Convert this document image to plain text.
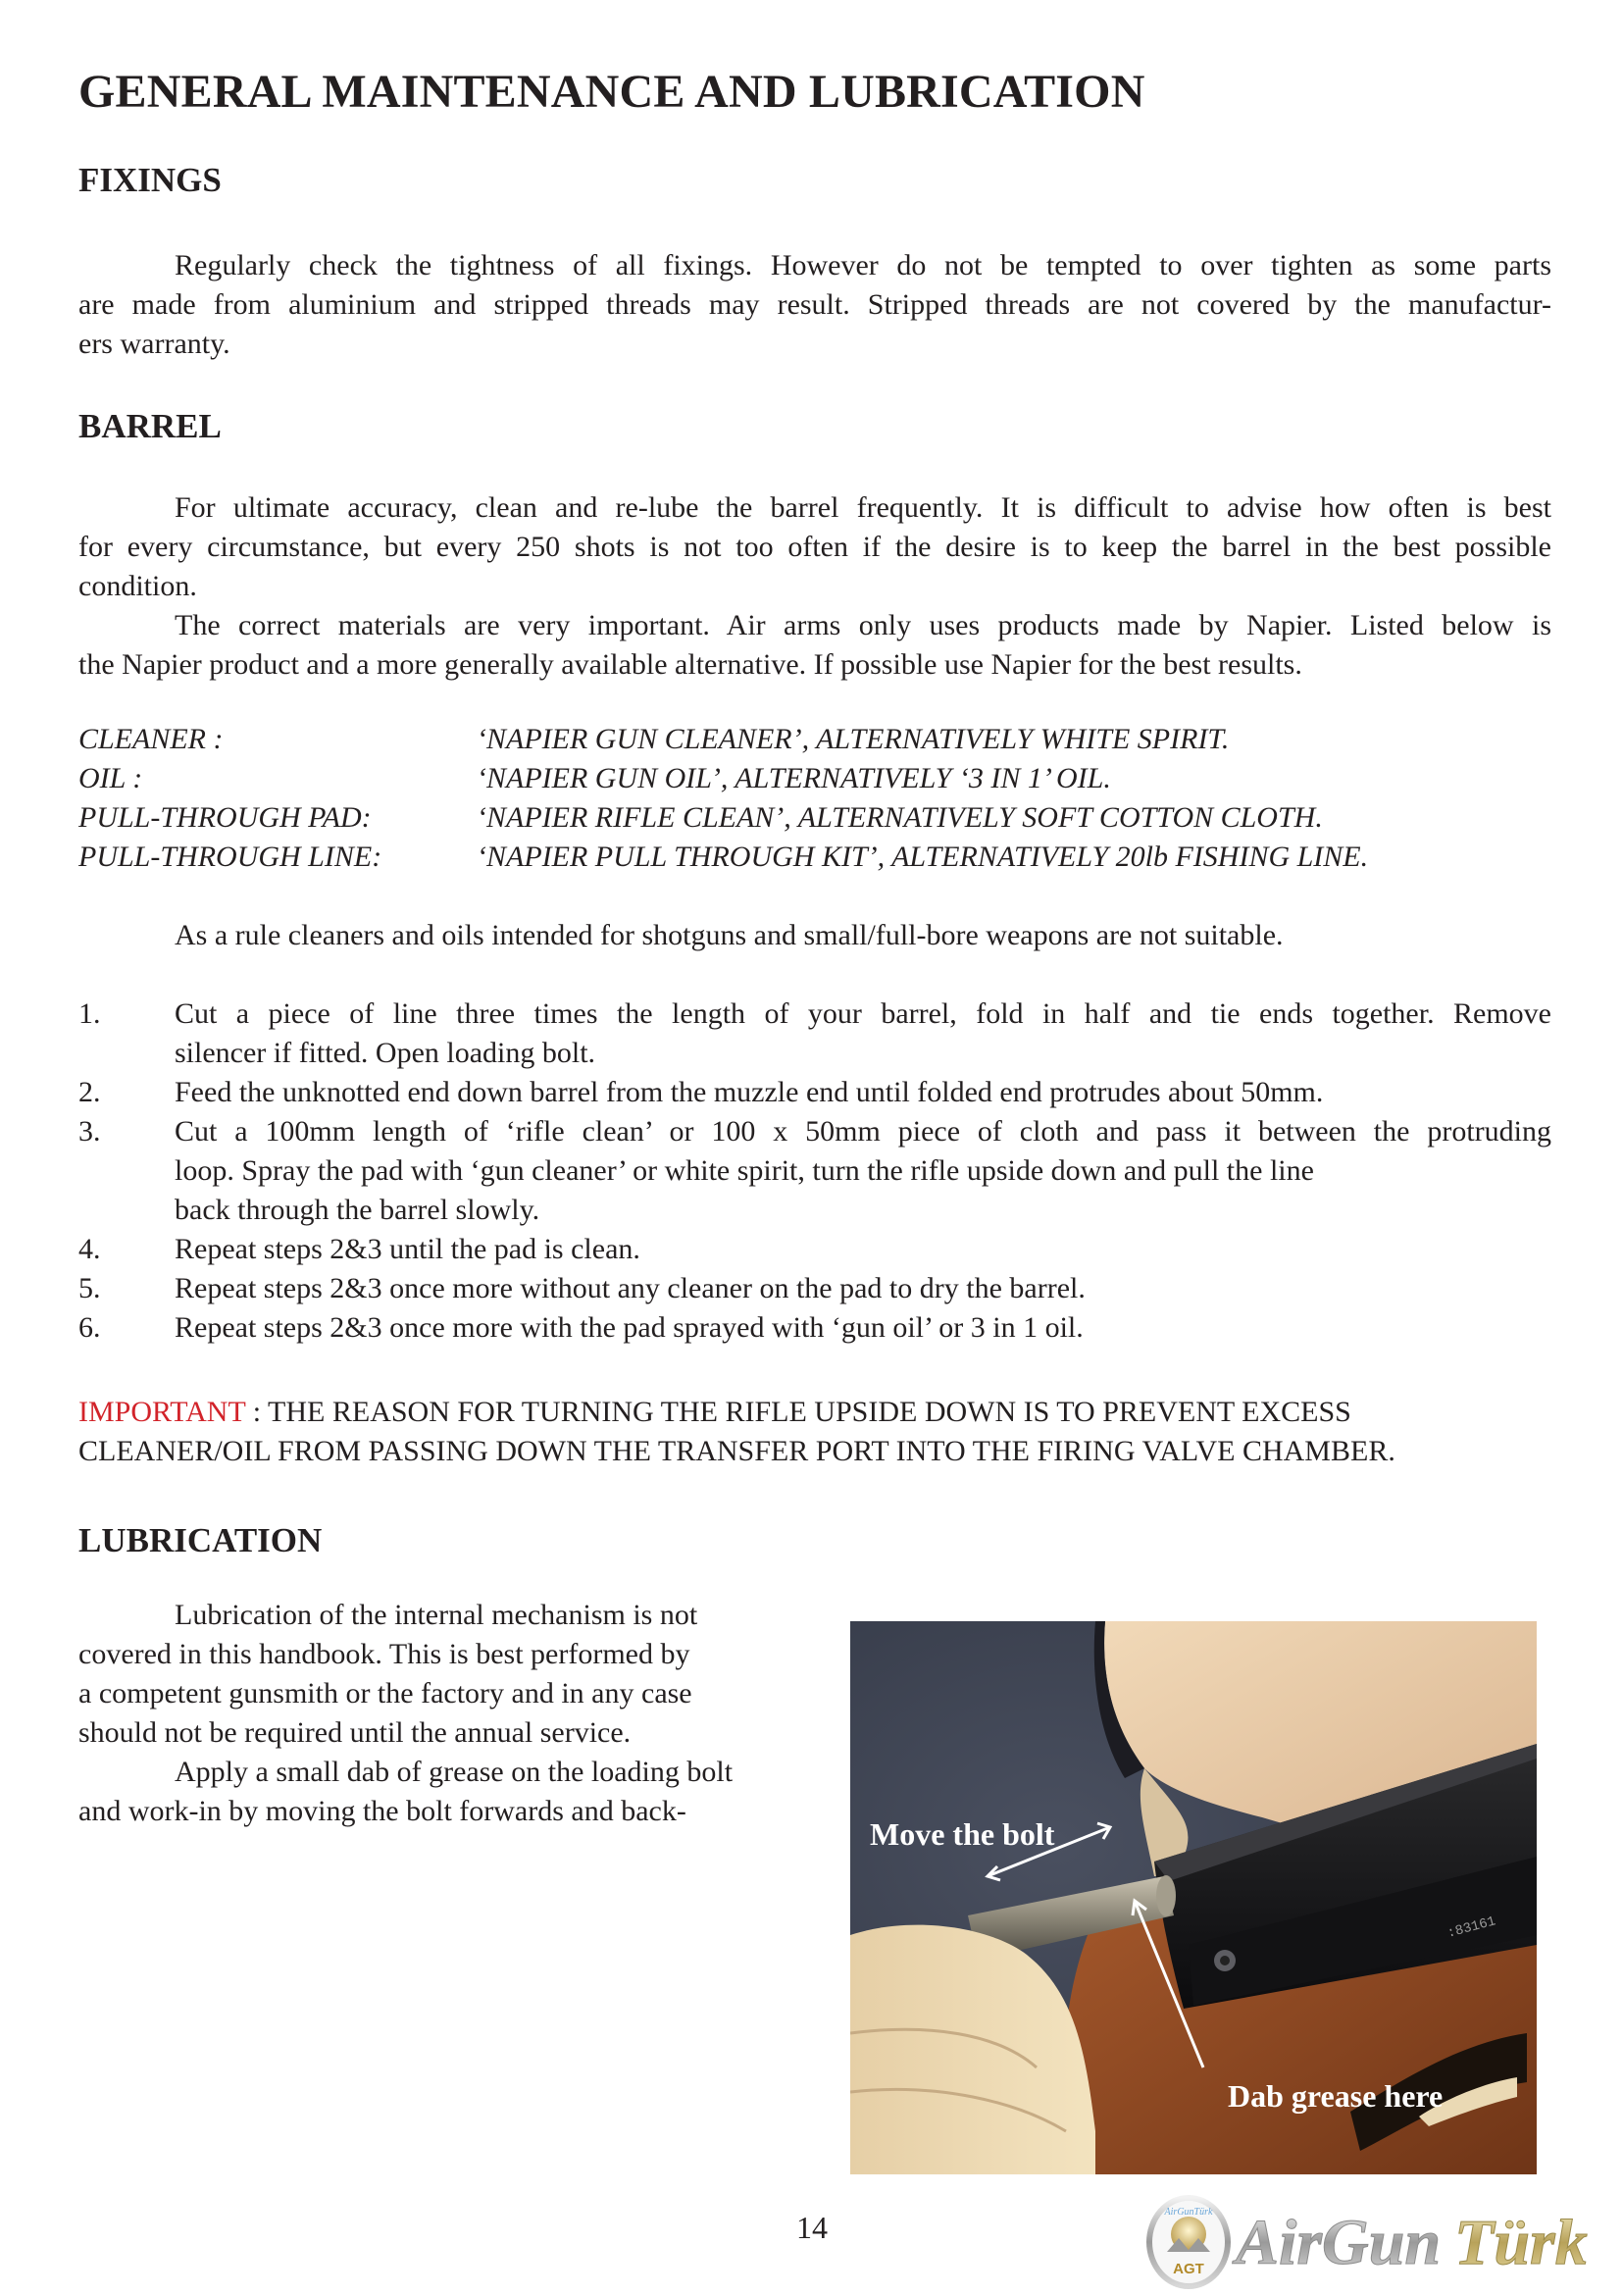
GENERAL MAINTENANCE AND LUBRICATION
FIXINGS
Regularly check the tightness of all fixings. However do not be tempted to over tighten as some parts
are made from aluminium and stripped threads may result. Stripped threads are not covered by the manufactur-
ers warranty.
BARREL
For ultimate accuracy, clean and re-lube the barrel frequently. It is difficult to advise how often is best
for every circumstance, but every 250 shots is not too often if the desire is to keep the barrel in the best possible
condition.
The correct materials are very important. Air arms only uses products made by Napier. Listed below is
the Napier product and a more generally available alternative. If possible use Napier for the best results.
CLEANER :	‘NAPIER GUN CLEANER’, ALTERNATIVELY WHITE SPIRIT.
OIL :	‘NAPIER GUN OIL’, ALTERNATIVELY ‘3 IN 1’ OIL.
PULL-THROUGH PAD:	‘NAPIER RIFLE CLEAN’, ALTERNATIVELY SOFT COTTON CLOTH.
PULL-THROUGH LINE:	‘NAPIER PULL THROUGH KIT’, ALTERNATIVELY 20lb FISHING LINE.
As a rule cleaners and oils intended for shotguns and small/full-bore weapons are not suitable.
1.	Cut a piece of line three times the length of your barrel, fold in half and tie ends together. Remove
silencer if fitted. Open loading bolt.
2.	Feed the unknotted end down barrel from the muzzle end until folded end protrudes about 50mm.
3.	Cut a 100mm length of ‘rifle clean’ or 100 x 50mm piece of cloth and pass it between the protruding
loop. Spray the pad with ‘gun cleaner’ or white spirit, turn the rifle upside down and pull the line
back through the barrel slowly.
4.	Repeat steps 2&3 until the pad is clean.
5.	Repeat steps 2&3 once more without any cleaner on the pad to dry the barrel.
6.	Repeat steps 2&3 once more with the pad sprayed with ‘gun oil’ or 3 in 1 oil.
IMPORTANT : THE REASON FOR TURNING THE RIFLE UPSIDE DOWN IS TO PREVENT EXCESS
CLEANER/OIL FROM PASSING DOWN THE TRANSFER PORT INTO THE FIRING VALVE CHAMBER.
LUBRICATION
Lubrication of the internal mechanism is not
covered in this handbook. This is best performed by
a competent gunsmith or the factory and in any case
should not be required until the annual service.
Apply a small dab of grease on the loading bolt
and work-in by moving the bolt forwards and back-
:83161
Move the bolt
Dab grease here
14
AGT
AirGunTürk AirGun Türk
